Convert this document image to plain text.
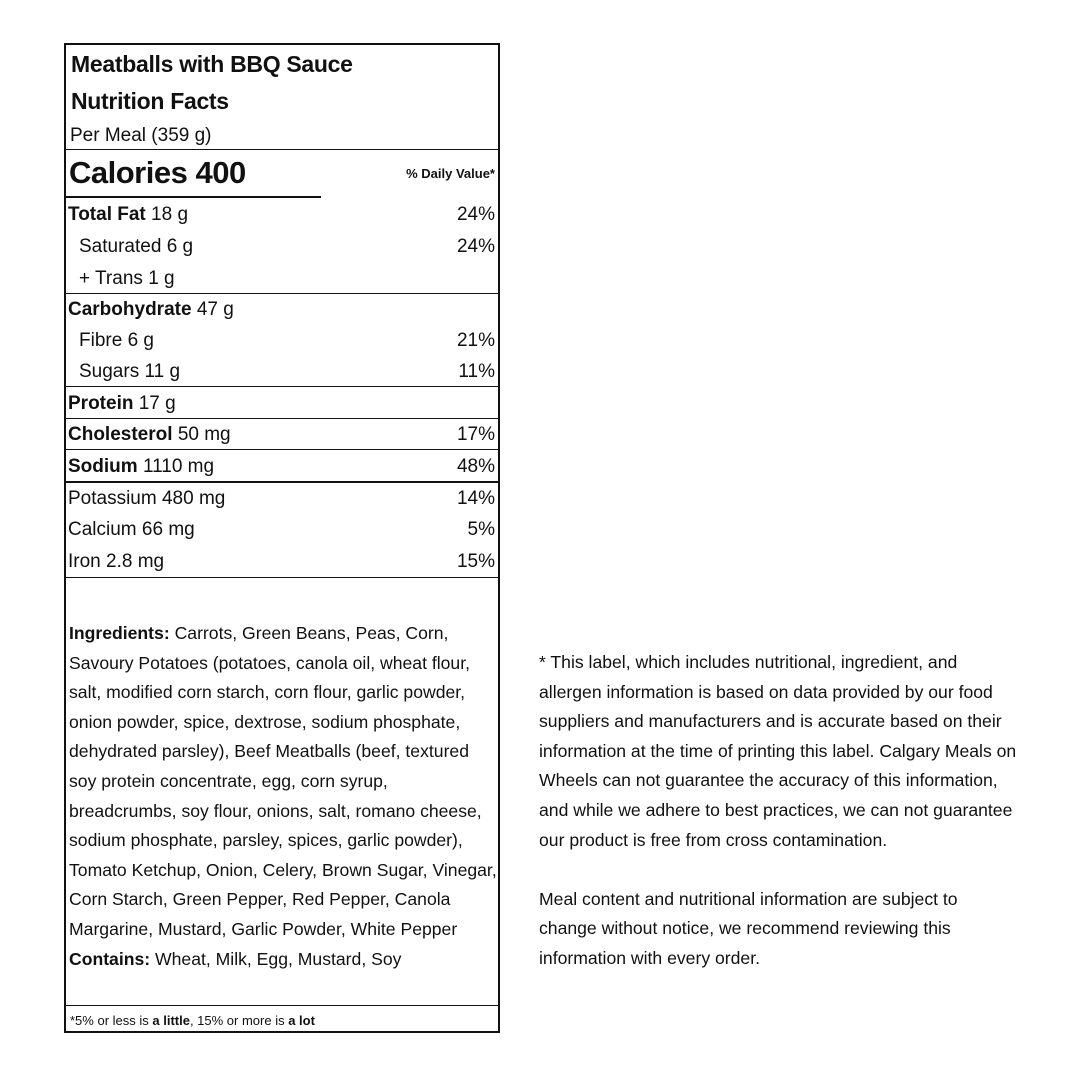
Meatballs with BBQ Sauce
Nutrition Facts
Per Meal (359 g)
Calories 400	% Daily Value*
Total Fat 18 g	24%
Saturated 6 g	24%
+ Trans 1 g
Carbohydrate 47 g
Fibre 6 g	21%
Sugars 11 g	11%
Protein 17 g
Cholesterol 50 mg	17%
Sodium 1110 mg	48%
Potassium 480 mg	14%
Calcium 66 mg	5%
Iron 2.8 mg	15%
Ingredients: Carrots, Green Beans, Peas, Corn, Savoury Potatoes (potatoes, canola oil, wheat flour, salt, modified corn starch, corn flour, garlic powder, onion powder, spice, dextrose, sodium phosphate, dehydrated parsley), Beef Meatballs (beef, textured soy protein concentrate, egg, corn syrup, breadcrumbs, soy flour, onions, salt, romano cheese, sodium phosphate, parsley, spices, garlic powder), Tomato Ketchup, Onion, Celery, Brown Sugar, Vinegar, Corn Starch, Green Pepper, Red Pepper, Canola Margarine, Mustard, Garlic Powder, White Pepper
Contains: Wheat, Milk, Egg, Mustard, Soy
*5% or less is a little, 15% or more is a lot

* This label, which includes nutritional, ingredient, and allergen information is based on data provided by our food suppliers and manufacturers and is accurate based on their information at the time of printing this label. Calgary Meals on Wheels can not guarantee the accuracy of this information, and while we adhere to best practices, we can not guarantee our product is free from cross contamination.

Meal content and nutritional information are subject to change without notice, we recommend reviewing this information with every order.
